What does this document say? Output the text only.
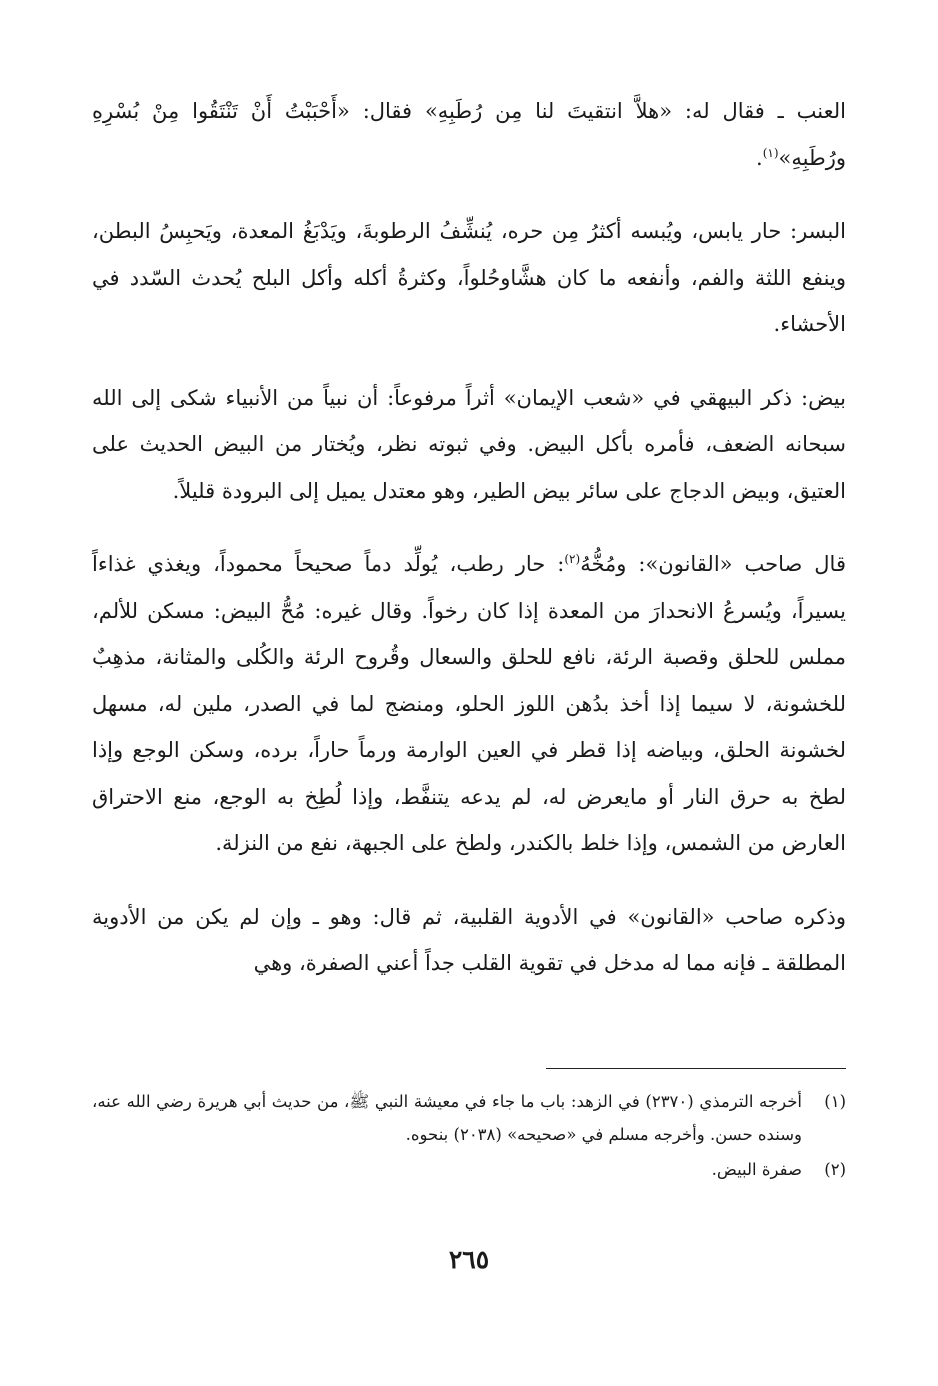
العنب ـ فقال له: «هلاَّ انتقيتَ لنا مِن رُطَبِهِ» فقال: «أَحْبَبْتُ أَنْ تَنْتَقُوا مِنْ بُسْرِهِ ورُطَبِهِ»$^{(١)}$.

البسر: حار يابس، ويُبسه أكثرُ مِن حره، يُنشِّفُ الرطوبةَ، ويَدْبَغُ المعدة، ويَحبِسُ البطن، وينفع اللثة والفم، وأنفعه ما كان هشَّاوحُلواً، وكثرةُ أكله وأكل البلح يُحدث السّدد في الأحشاء.

بيض: ذكر البيهقي في «شعب الإيمان» أثراً مرفوعاً: أن نبياً من الأنبياء شكى إلى الله سبحانه الضعف، فأمره بأكل البيض. وفي ثبوته نظر، ويُختار من البيض الحديث على العتيق، وبيض الدجاج على سائر بيض الطير، وهو معتدل يميل إلى البرودة قليلاً.

قال صاحب «القانون»: ومُخُّهُ$^{(٢)}$: حار رطب، يُولِّد دماً صحيحاً محموداً، ويغذي غذاءاً يسيراً، ويُسرعُ الانحدارَ من المعدة إذا كان رخواً. وقال غيره: مُحُّ البيض: مسكن للألم، مملس للحلق وقصبة الرئة، نافع للحلق والسعال وقُروح الرئة والكُلى والمثانة، مذهِبٌ للخشونة، لا سيما إذا أخذ بدُهن اللوز الحلو، ومنضج لما في الصدر، ملين له، مسهل لخشونة الحلق، وبياضه إذا قطر في العين الوارمة ورماً حاراً، برده، وسكن الوجع وإذا لطخ به حرق النار أو مايعرض له، لم يدعه يتنفَّط، وإذا لُطِخ به الوجع، منع الاحتراق العارض من الشمس، وإذا خلط بالكندر، ولطخ على الجبهة، نفع من النزلة.

وذكره صاحب «القانون» في الأدوية القلبية، ثم قال: وهو ـ وإن لم يكن من الأدوية المطلقة ـ فإنه مما له مدخل في تقوية القلب جداً أعني الصفرة، وهي

(١)
أخرجه الترمذي (٢٣٧٠) في الزهد: باب ما جاء في معيشة النبي ﷺ، من حديث أبي هريرة رضي الله عنه، وسنده حسن. وأخرجه مسلم في «صحيحه» (٢٠٣٨) بنحوه.
(٢)
صفرة البيض.
٢٦٥
